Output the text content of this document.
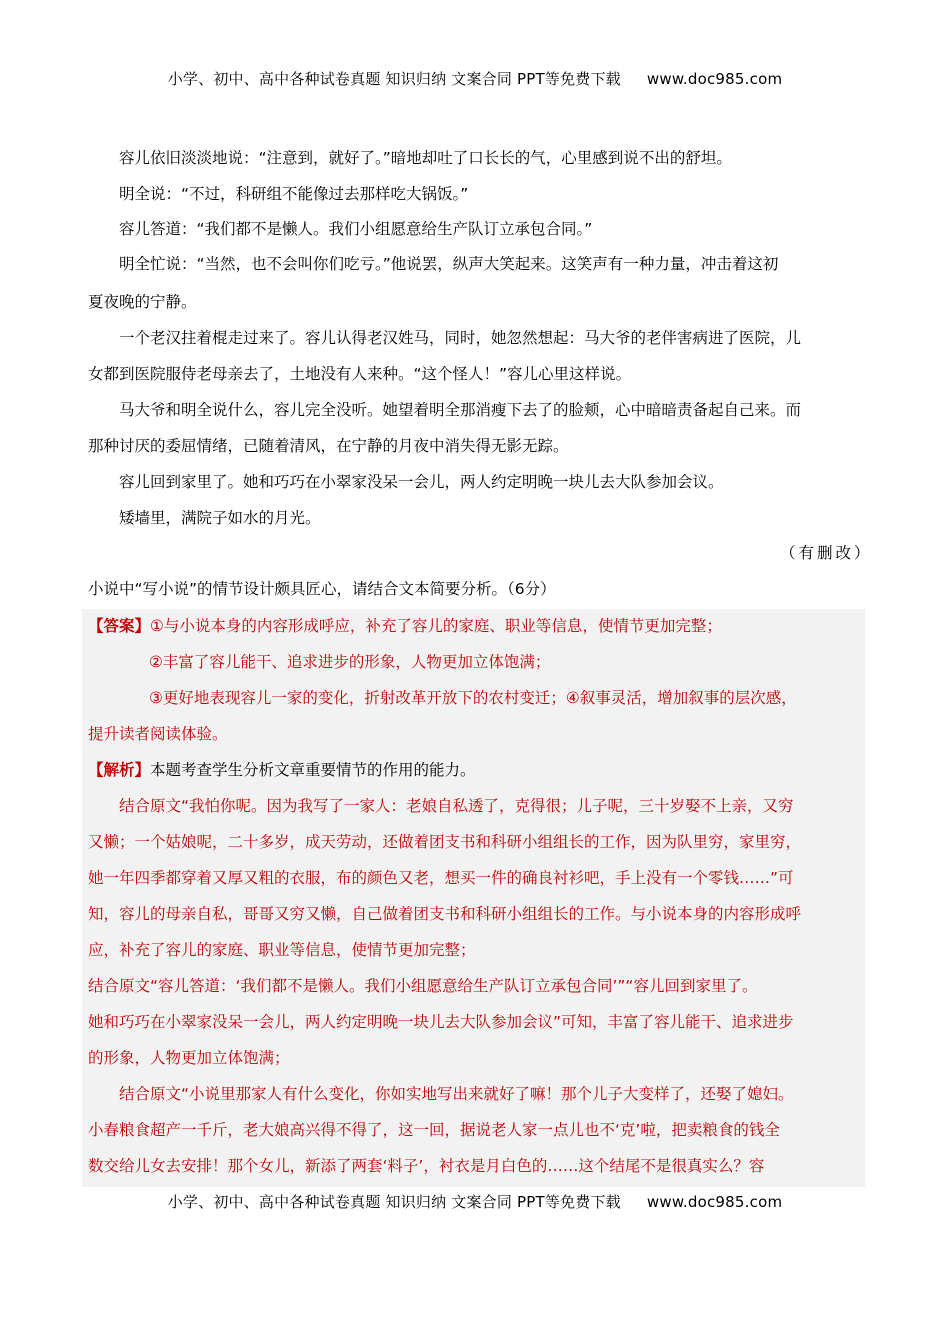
小学、初中、高中各种试卷真题 知识归纳 文案合同 PPT等免费下载 www.doc985.com
容儿依旧淡淡地说：“注意到，就好了。”暗地却吐了口长长的气，心里感到说不出的舒坦。
明全说：“不过，科研组不能像过去那样吃大锅饭。”
容儿答道：“我们都不是懒人。我们小组愿意给生产队订立承包合同。”
明全忙说：“当然，也不会叫你们吃亏。”他说罢，纵声大笑起来。这笑声有一种力量，冲击着这初
夏夜晚的宁静。
一个老汉拄着棍走过来了。容儿认得老汉姓马，同时，她忽然想起：马大爷的老伴害病进了医院，儿
女都到医院服侍老母亲去了，土地没有人来种。“这个怪人！”容儿心里这样说。
马大爷和明全说什么，容儿完全没听。她望着明全那消瘦下去了的脸颊，心中暗暗责备起自己来。而
那种讨厌的委屈情绪，已随着清风，在宁静的月夜中消失得无影无踪。
容儿回到家里了。她和巧巧在小翠家没呆一会儿，两人约定明晚一块儿去大队参加会议。
矮墙里，满院子如水的月光。
（有删改）
小说中“写小说”的情节设计颇具匠心，请结合文本简要分析。（6分）
【答案】①与小说本身的内容形成呼应，补充了容儿的家庭、职业等信息，使情节更加完整；
②丰富了容儿能干、追求进步的形象，人物更加立体饱满；
③更好地表现容儿一家的变化，折射改革开放下的农村变迁；④叙事灵活，增加叙事的层次感，
提升读者阅读体验。
【解析】本题考查学生分析文章重要情节的作用的能力。
结合原文“我怕你呢。因为我写了一家人：老娘自私透了，克得很；儿子呢，三十岁娶不上亲，又穷
又懒；一个姑娘呢，二十多岁，成天劳动，还做着团支书和科研小组组长的工作，因为队里穷，家里穷，
她一年四季都穿着又厚又粗的衣服，布的颜色又老，想买一件的确良衬衫吧，手上没有一个零钱……”可
知，容儿的母亲自私，哥哥又穷又懒，自己做着团支书和科研小组组长的工作。与小说本身的内容形成呼
应，补充了容儿的家庭、职业等信息，使情节更加完整；
结合原文“容儿答道：‘我们都不是懒人。我们小组愿意给生产队订立承包合同’”“容儿回到家里了。
她和巧巧在小翠家没呆一会儿，两人约定明晚一块儿去大队参加会议”可知，丰富了容儿能干、追求进步
的形象，人物更加立体饱满；
结合原文“小说里那家人有什么变化，你如实地写出来就好了嘛！那个儿子大变样了，还娶了媳妇。
小春粮食超产一千斤，老大娘高兴得不得了，这一回，据说老人家一点儿也不‘克’啦，把卖粮食的钱全
数交给儿女去安排！那个女儿，新添了两套‘料子’，衬衣是月白色的……这个结尾不是很真实么？容
小学、初中、高中各种试卷真题 知识归纳 文案合同 PPT等免费下载 www.doc985.com
